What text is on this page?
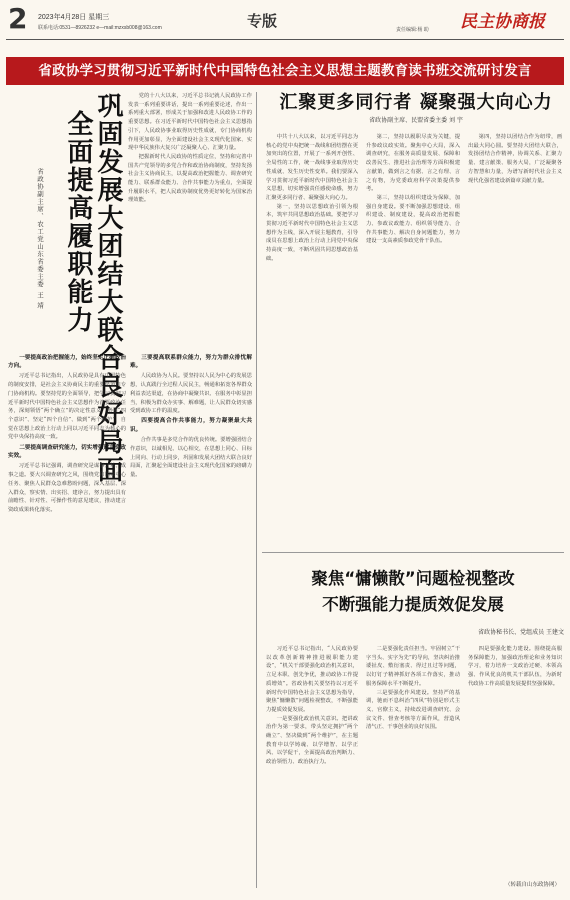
2 2023年4月28日 星期三
联系电话:0531—8926232 e—mail:mzxsb008@163.com	专版	责任编辑:杨 助 民主协商报
省政协学习贯彻习近平新时代中国特色社会主义思想主题教育读书班交流研讨发言
巩固发展大团结大联合良好局面
全面提高履职能力
省政协副主席、农工党山东省委主委 王 靖

党的十八大以来，习近平总书记就人民政协工作发表一系列重要讲话，提出一系列重要论述，作出一系列重大部署，形成关于加强和改进人民政协工作的重要思想。在习近平新时代中国特色社会主义思想指引下，人民政协事业取得历史性成就，专门协商机构作用更加彰显，为全面建设社会主义现代化国家、实现中华民族伟大复兴广泛凝聚人心、汇聚力量。

把握新时代人民政协的性质定位，坚持和完善中国共产党领导的多党合作和政治协商制度，坚持发扬社会主义协商民主，以提高政治把握能力、调查研究能力、联系群众能力、合作共事能力为重点，全面提升履职水平，把人民政协制度优势更好转化为国家治理效能。

一要提高政治把握能力，始终坚定正确政治方向。

习近平总书记指出，人民政协是具有中国特色的制度安排，是社会主义协商民主的重要渠道和专门协商机构。要坚持党的全面领导，把学习贯彻习近平新时代中国特色社会主义思想作为首要政治任务，深刻领悟“两个确立”的决定性意义，增强“四个意识”、坚定“四个自信”、做到“两个维护”，自觉在思想上政治上行动上同以习近平同志为核心的党中央保持高度一致。

二要提高调查研究能力，切实增强建言资政实效。

习近平总书记强调，调查研究是谋事之基、成事之道。要大兴调查研究之风，围绕党和国家中心任务、聚焦人民群众急难愁盼问题，深入基层、深入群众，察实情、出实招、建诤言，努力提出具有前瞻性、针对性、可操作性的意见建议，推动建言资政成果转化落实。

三要提高联系群众能力，努力为群众排忧解难。

人民政协为人民。要坚持以人民为中心的发展思想，认真践行全过程人民民主，畅通和拓宽各界群众利益表达渠道，在协商中凝聚共识、在服务中彰显担当，积极为群众办实事、解难题，让人民群众切实感受到政协工作的温度。

四要提高合作共事能力，努力凝聚最大共识。

合作共事是多党合作的优良传统。要增强团结合作意识，以诚相见、以心相交，在思想上同心、目标上同向、行动上同步，巩固和发展大团结大联合良好局面，汇聚起全面建设社会主义现代化国家的磅礴力量。

汇聚更多同行者 凝聚强大向心力
省政协副主席、民盟省委主委 刘 宇

中共十八大以来，以习近平同志为核心的党中央把统一战线和团结摆在更加突出的位置，开展了一系列开创性、全局性的工作，统一战线事业取得历史性成就、发生历史性变革。我们要深入学习贯彻习近平新时代中国特色社会主义思想，切实增强责任感使命感，努力汇聚更多同行者、凝聚强大向心力。

第一，坚持以思想政治引领为根本，筑牢共同思想政治基础。要把学习贯彻习近平新时代中国特色社会主义思想作为主线，深入开展主题教育，引导成员在思想上政治上行动上同党中央保持高度一致，不断巩固共同思想政治基础。

第二，坚持以履职尽责为关键，提升参政议政实效。聚焦中心大局，深入调查研究，在服务高质量发展、保障和改善民生、推进社会治理等方面积极建言献策，做到言之有据、言之有理、言之有物，为党委政府科学决策提供参考。

第三，坚持以组织建设为保障，加强自身建设。要不断加强思想建设、组织建设、制度建设，提高政治把握能力、参政议政能力、组织领导能力、合作共事能力、解决自身问题能力，努力建设一支高素质参政党骨干队伍。

第四，坚持以团结合作为纽带，画出最大同心圆。要坚持大团结大联合，发扬团结合作精神，协调关系、汇聚力量、建言献策、服务大局，广泛凝聚各方智慧和力量，为谱写新时代社会主义现代化强省建设新篇章贡献力量。

聚焦“慵懒散”问题检视整改
不断强能力提质效促发展
省政协秘书长、党组成员 王建文

习近平总书记指出，“人民政协要以改革创新精神推进履职能力建设”，“机关干部要强化政治机关意识，立足本职、创先争优，推动政协工作提质增效”。省政协机关要坚持以习近平新时代中国特色社会主义思想为指导，聚焦“慵懒散”问题检视整改，不断强能力提质效促发展。

一是要强化政治机关意识。把讲政治作为第一要求，带头坚定拥护“两个确立”、坚决做到“两个维护”，在主题教育中以学铸魂、以学增智、以学正风、以学促干，全面提高政治判断力、政治领悟力、政治执行力。

二是要强化责任担当。牢固树立“干字当头、实字为先”的导向，坚决纠治推诿扯皮、敷衍塞责、得过且过等问题，以钉钉子精神抓好各项工作落实，推动服务保障水平不断提升。

三是要强化作风建设。坚持严的基调，驰而不息纠治“四风”特别是形式主义、官僚主义，持续改进调查研究、会议文件、督查考核等方面作风，营造风清气正、干事创业的良好氛围。

四是要强化能力建设。围绕提高服务保障能力，加强政治理论和业务知识学习，着力培养一支政治过硬、本领高强、作风优良的机关干部队伍，为新时代政协工作高质量发展提供坚强保障。

（转载自山东政协网）
